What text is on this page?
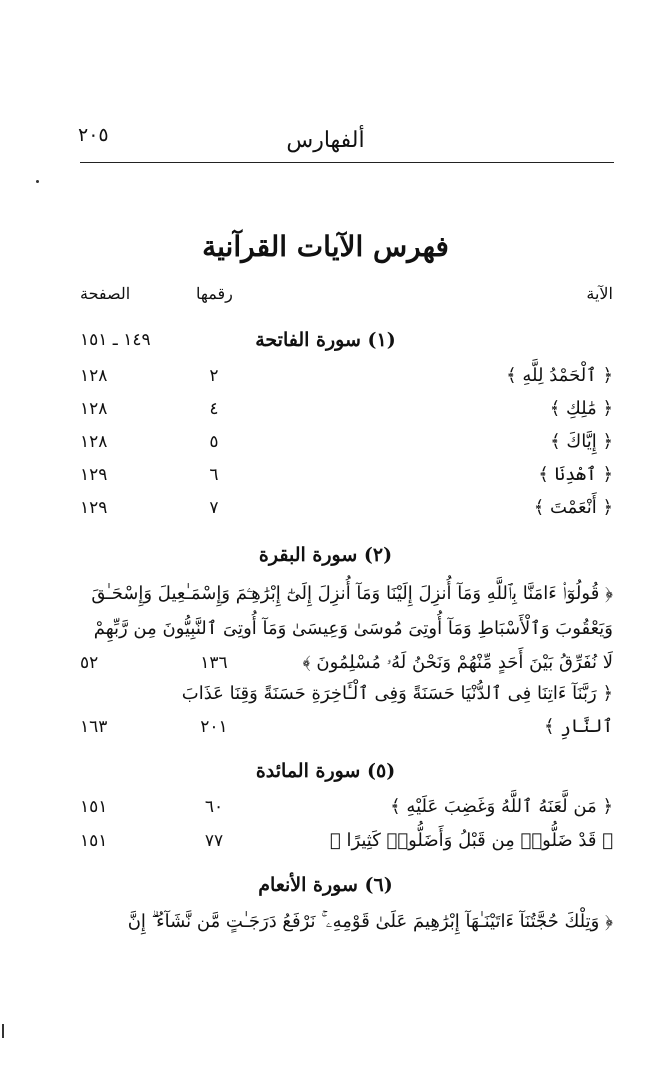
ألفهارس
٢٠٥
فهرس الآيات القرآنية
الآية
رقمها
الصفحة
(١) سورة الفاتحة
١٤٩ ـ ١٥١
﴿ ٱلْحَمْدُ لِلَّهِ ﴾
٢
١٢٨
﴿ مَٰلِكِ ﴾
٤
١٢٨
﴿ إِيَّاكَ ﴾
٥
١٢٨
﴿ ٱهْدِنَا ﴾
٦
١٢٩
﴿ أَنْعَمْتَ ﴾
٧
١٢٩
(٢) سورة البقرة
﴿ قُولُوٓا۟ ءَامَنَّا بِٱللَّهِ وَمَآ أُنزِلَ إِلَيْنَا وَمَآ أُنزِلَ إِلَىٰٓ إِبْرَٰهِـۧمَ وَإِسْمَـٰعِيلَ وَإِسْحَـٰقَ
وَيَعْقُوبَ وَٱلْأَسْبَاطِ وَمَآ أُوتِىَ مُوسَىٰ وَعِيسَىٰ وَمَآ أُوتِىَ ٱلنَّبِيُّونَ مِن رَّبِّهِمْ
لَا نُفَرِّقُ بَيْنَ أَحَدٍ مِّنْهُمْ وَنَحْنُ لَهُۥ مُسْلِمُونَ ﴾
١٣٦
٥٢
﴿ رَبَّنَآ ءَاتِنَا فِى ٱلدُّنْيَا حَسَنَةً وَفِى ٱلْـَٔاخِرَةِ حَسَنَةً وَقِنَا عَذَابَ
ٱلنَّارِ ﴾
٢٠١
١٦٣
(٥) سورة المائدة
﴿ مَن لَّعَنَهُ ٱللَّهُ وَغَضِبَ عَلَيْهِ ﴾
٦٠
١٥١
﴿ قَدْ ضَلُّوا۟ مِن قَبْلُ وَأَضَلُّوا۟ كَثِيرًا ﴾
٧٧
١٥١
(٦) سورة الأنعام
﴿ وَتِلْكَ حُجَّتُنَآ ءَاتَيْنَـٰهَآ إِبْرَٰهِيمَ عَلَىٰ قَوْمِهِۦ ۚ نَرْفَعُ دَرَجَـٰتٍ مَّن نَّشَآءُ ۗ إِنَّ
